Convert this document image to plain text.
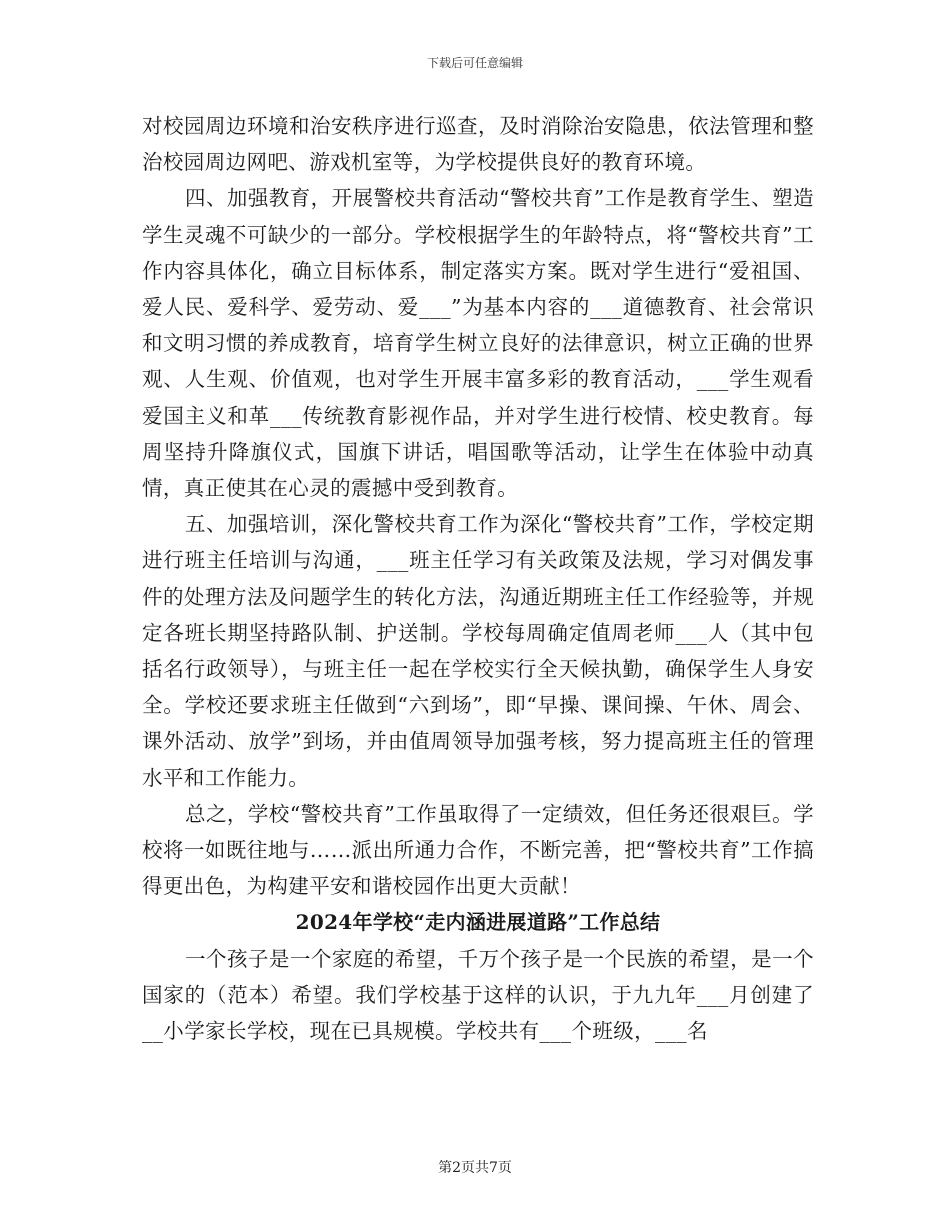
下载后可任意编辑

对校园周边环境和治安秩序进行巡查，及时消除治安隐患，依法管理和整治校园周边网吧、游戏机室等，为学校提供良好的教育环境。

四、加强教育，开展警校共育活动“警校共育”工作是教育学生、塑造学生灵魂不可缺少的一部分。学校根据学生的年龄特点，将“警校共育”工作内容具体化，确立目标体系，制定落实方案。既对学生进行“爱祖国、爱人民、爱科学、爱劳动、爱___”为基本内容的___道德教育、社会常识和文明习惯的养成教育，培育学生树立良好的法律意识，树立正确的世界观、人生观、价值观，也对学生开展丰富多彩的教育活动，___学生观看爱国主义和革___传统教育影视作品，并对学生进行校情、校史教育。每周坚持升降旗仪式，国旗下讲话，唱国歌等活动，让学生在体验中动真情，真正使其在心灵的震撼中受到教育。

五、加强培训，深化警校共育工作为深化“警校共育”工作，学校定期进行班主任培训与沟通，___班主任学习有关政策及法规，学习对偶发事件的处理方法及问题学生的转化方法，沟通近期班主任工作经验等，并规定各班长期坚持路队制、护送制。学校每周确定值周老师___人（其中包括名行政领导），与班主任一起在学校实行全天候执勤，确保学生人身安全。学校还要求班主任做到“六到场”，即“早操、课间操、午休、周会、课外活动、放学”到场，并由值周领导加强考核，努力提高班主任的管理水平和工作能力。

总之，学校“警校共育”工作虽取得了一定绩效，但任务还很艰巨。学校将一如既往地与……派出所通力合作，不断完善，把“警校共育”工作搞得更出色，为构建平安和谐校园作出更大贡献！

2024年学校“走内涵进展道路”工作总结

一个孩子是一个家庭的希望，千万个孩子是一个民族的希望，是一个国家的（范本）希望。我们学校基于这样的认识，于九九年___月创建了__小学家长学校，现在已具规模。学校共有___个班级，___名

第2页共7页
